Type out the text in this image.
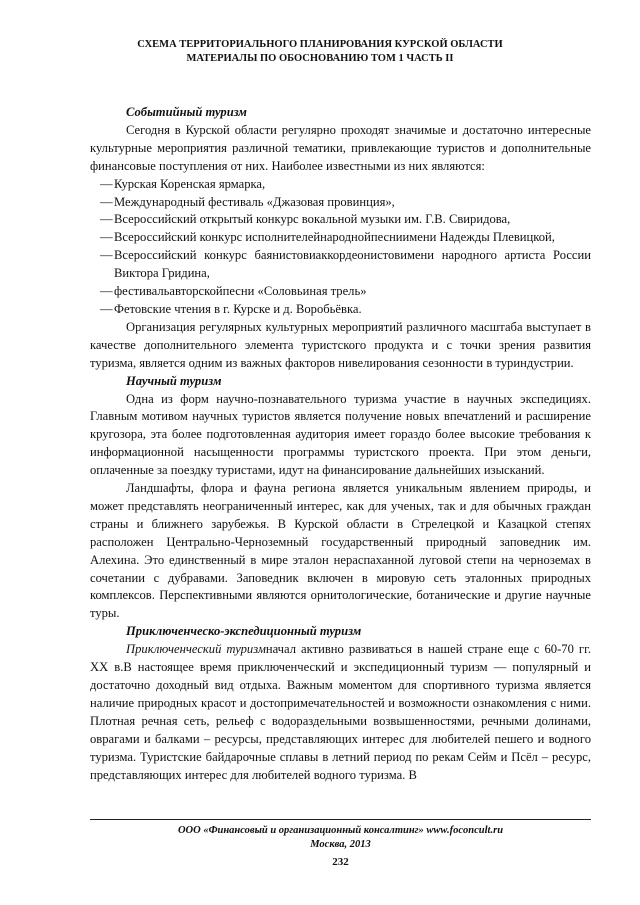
СХЕМА ТЕРРИТОРИАЛЬНОГО ПЛАНИРОВАНИЯ КУРСКОЙ ОБЛАСТИ
МАТЕРИАЛЫ ПО ОБОСНОВАНИЮ ТОМ 1 ЧАСТЬ II

Событийный туризм

Сегодня в Курской области регулярно проходят значимые и достаточно интересные культурные мероприятия различной тематики, привлекающие туристов и дополнительные финансовые поступления от них. Наиболее известными из них являются:

—Курская Коренская ярмарка,

—Международный фестиваль «Джазовая провинция»,

—Всероссийский открытый конкурс вокальной музыки им. Г.В. Свиридова,

—Всероссийский конкурс исполнителейнароднойпесниимени Надежды Плевицкой,

—Всероссийский конкурс баянистовиаккордеонистовимени народного артиста России Виктора Гридина,

—фестивальавторскойпесни «Соловьиная трель»

—Фетовские чтения в г. Курске и д. Воробьёвка.

Организация регулярных культурных мероприятий различного масштаба выступает в качестве дополнительного элемента туристского продукта и с точки зрения развития туризма, является одним из важных факторов нивелирования сезонности в туриндустрии.

Научный туризм

Одна из форм научно-познавательного туризма участие в научных экспедициях. Главным мотивом научных туристов является получение новых впечатлений и расширение кругозора, эта более подготовленная аудитория имеет гораздо более высокие требования к информационной насыщенности программы туристского проекта. При этом деньги, оплаченные за поездку туристами, идут на финансирование дальнейших изысканий.

Ландшафты, флора и фауна региона является уникальным явлением природы, и может представлять неограниченный интерес, как для ученых, так и для обычных граждан страны и ближнего зарубежья. В Курской области в Стрелецкой и Казацкой степях расположен Центрально-Черноземный государственный природный заповедник им. Алехина. Это единственный в мире эталон нераспаханной луговой степи на черноземах в сочетании с дубравами. Заповедник включен в мировую сеть эталонных природных комплексов. Перспективными являются орнитологические, ботанические и другие научные туры.

Приключенческо-экспедиционный туризм

Приключенческий туризмначал активно развиваться в нашей стране еще с 60-70 гг. XX в.В настоящее время приключенческий и экспедиционный туризм — популярный и достаточно доходный вид отдыха. Важным моментом для спортивного туризма является наличие природных красот и достопримечательностей и возможности ознакомления с ними. Плотная речная сеть, рельеф с водораздельными возвышенностями, речными долинами, оврагами и балками – ресурсы, представляющих интерес для любителей пешего и водного туризма. Туристские байдарочные сплавы в летний период по рекам Сейм и Псёл – ресурс, представляющих интерес для любителей водного туризма. В

ООО «Финансовый и организационный консалтинг» www.foconcult.ru
Москва, 2013
232
